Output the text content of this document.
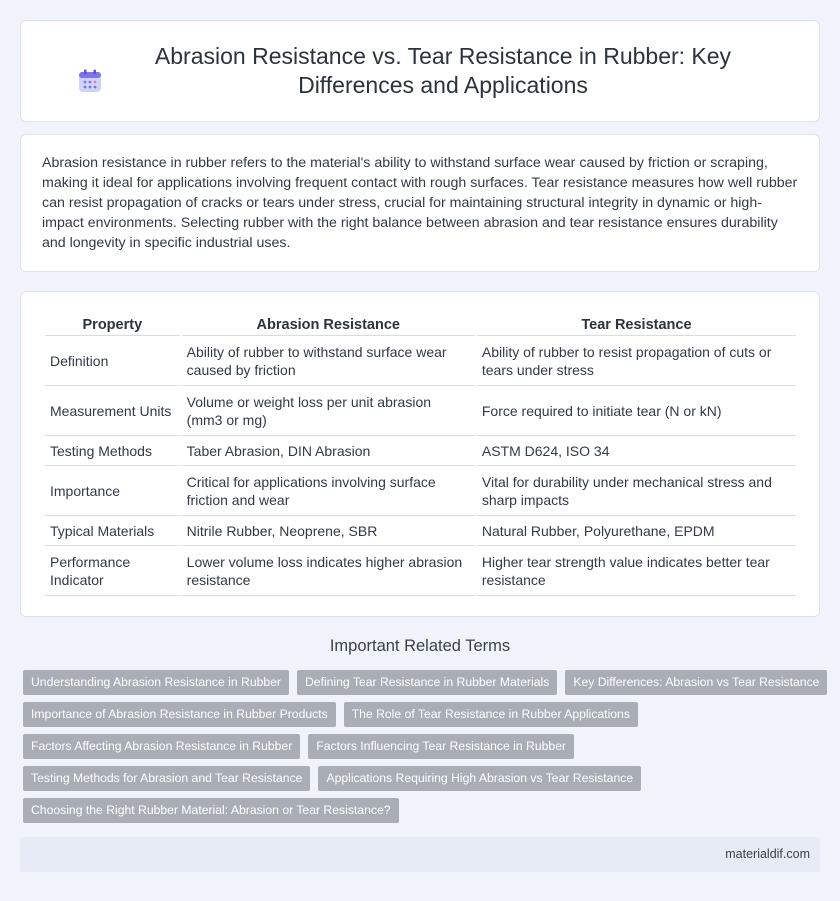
Abrasion Resistance vs. Tear Resistance in Rubber: Key Differences and Applications

Abrasion resistance in rubber refers to the material's ability to withstand surface wear caused by friction or scraping, making it ideal for applications involving frequent contact with rough surfaces. Tear resistance measures how well rubber can resist propagation of cracks or tears under stress, crucial for maintaining structural integrity in dynamic or high-impact environments. Selecting rubber with the right balance between abrasion and tear resistance ensures durability and longevity in specific industrial uses.

Property	Abrasion Resistance	Tear Resistance
Definition	Ability of rubber to withstand surface wear caused by friction	Ability of rubber to resist propagation of cuts or tears under stress
Measurement Units	Volume or weight loss per unit abrasion (mm3 or mg)	Force required to initiate tear (N or kN)
Testing Methods	Taber Abrasion, DIN Abrasion	ASTM D624, ISO 34
Importance	Critical for applications involving surface friction and wear	Vital for durability under mechanical stress and sharp impacts
Typical Materials	Nitrile Rubber, Neoprene, SBR	Natural Rubber, Polyurethane, EPDM
Performance Indicator	Lower volume loss indicates higher abrasion resistance	Higher tear strength value indicates better tear resistance
Important Related Terms
Understanding Abrasion Resistance in Rubber	Defining Tear Resistance in Rubber Materials	Key Differences: Abrasion vs Tear Resistance
Importance of Abrasion Resistance in Rubber Products	The Role of Tear Resistance in Rubber Applications
Factors Affecting Abrasion Resistance in Rubber	Factors Influencing Tear Resistance in Rubber
Testing Methods for Abrasion and Tear Resistance	Applications Requiring High Abrasion vs Tear Resistance
Choosing the Right Rubber Material: Abrasion or Tear Resistance?
materialdif.com
